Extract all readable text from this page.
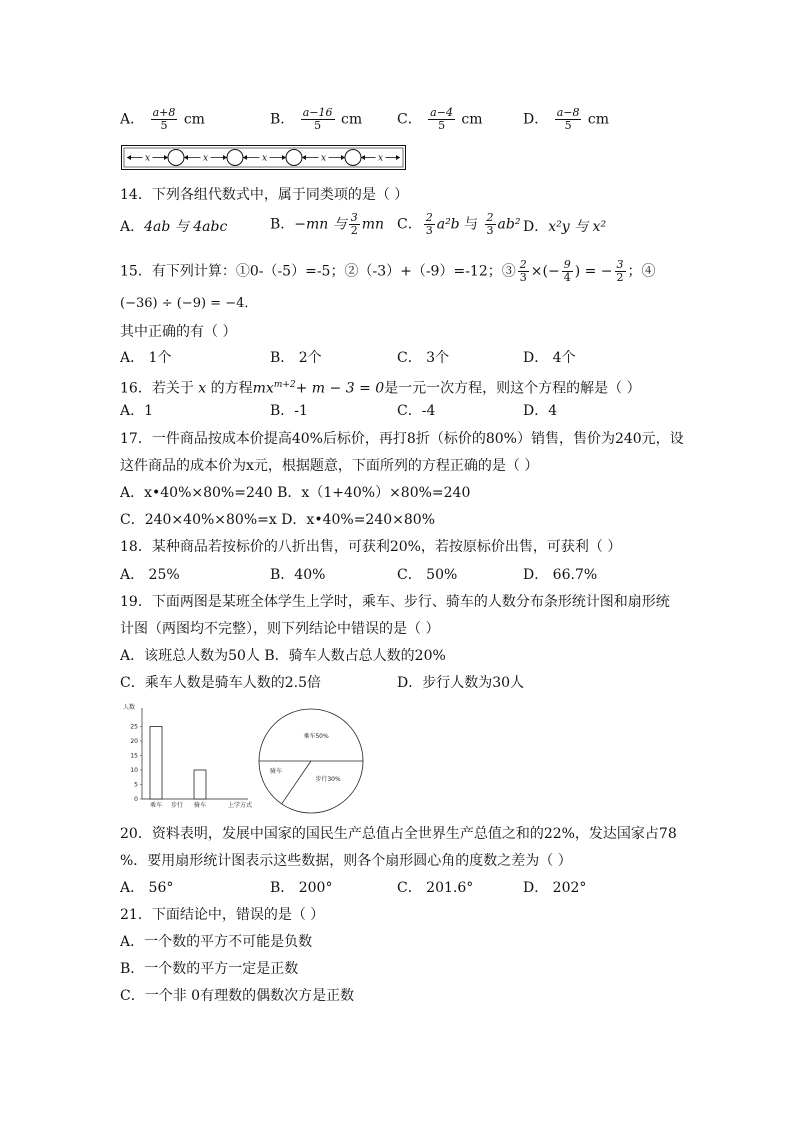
A． $\frac{a+8}{5}$ cm	B． $\frac{a-16}{5}$ cm C． $\frac{a-4}{5}$ cm	D． $\frac{a-8}{5}$ cm
x	x	x	x	x
14．下列各组代数式中，属于同类项的是（ ）
A．4ab 与 4abc	B．−mn 与 $\frac{3}{2}$ mn C． $\frac{2}{3} a^2b$ 与 $\frac{2}{3} ab^2$ D．x²y 与 x²
15．有下列计算：①0-（-5）=-5；②（-3）+（-9）=-12；③ $\frac{2}{3}$ ×(− $\frac{9}{4}$ ) = − $\frac{3}{2}$ ；④
(−36) ÷ (−9) = −4．
其中正确的有（ ）
A． 1个	B． 2个	C． 3个	D． 4个
16．若关于 x 的方程$mx^{m+2}+ m - 3 = 0$是一元一次方程，则这个方程的解是（ ）
A．1	B．-1	C．-4	D．4
17．一件商品按成本价提高40%后标价，再打8折（标价的80%）销售，售价为240元，设
这件商品的成本价为x元，根据题意，下面所列的方程正确的是（ ）
A．x•40%×80%=240 B．x（1+40%）×80%=240
C．240×40%×80%=x D．x•40%=240×80%
18．某种商品若按标价的八折出售，可获利20%，若按原标价出售，可获利（ ）
A． 25%	B．40%	C． 50%	D． 66.7%
19．下面两图是某班全体学生上学时，乘车、步行、骑车的人数分布条形统计图和扇形统
计图（两图均不完整），则下列结论中错误的是（ ）
A．该班总人数为50人 B．骑车人数占总人数的20%
C．乘车人数是骑车人数的2.5倍	D．步行人数为30人
人数
0
5
10
15
20
25
乘车 步行 骑车	上学方式
乘车50%
步行30%
骑车
20．资料表明，发展中国家的国民生产总值占全世界生产总值之和的22%，发达国家占78
%．要用扇形统计图表示这些数据，则各个扇形圆心角的度数之差为（ ）
A． 56°	B． 200°	C． 201.6°	D． 202°
21．下面结论中，错误的是（ ）
A．一个数的平方不可能是负数
B．一个数的平方一定是正数
C．一个非 0有理数的偶数次方是正数
